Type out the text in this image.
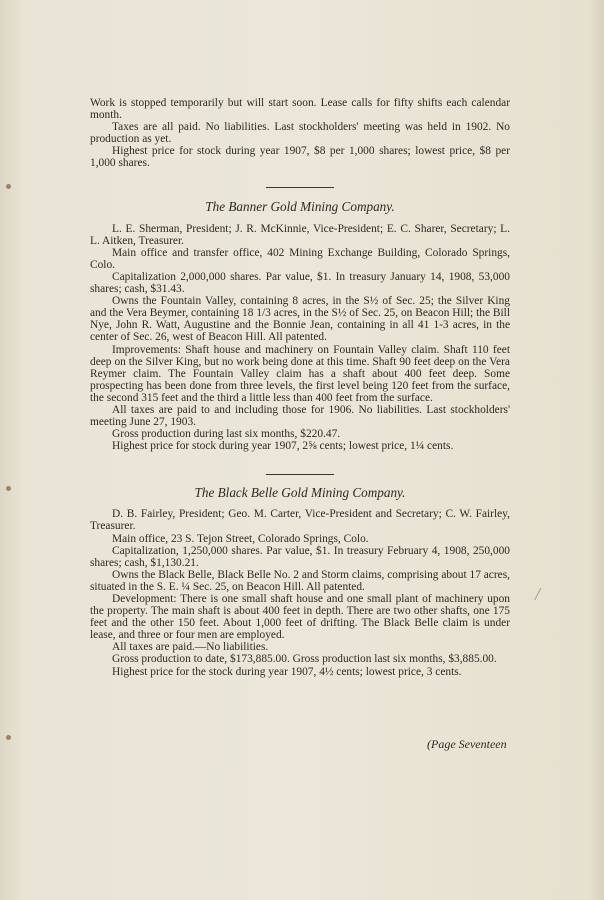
/

Work is stopped temporarily but will start soon. Lease calls for fifty shifts each calendar month.

Taxes are all paid. No liabilities. Last stockholders' meeting was held in 1902. No production as yet.

Highest price for stock during year 1907, $8 per 1,000 shares; lowest price, $8 per 1,000 shares.

The Banner Gold Mining Company.

L. E. Sherman, President; J. R. McKinnie, Vice-President; E. C. Sharer, Secretary; L. L. Aitken, Treasurer.

Main office and transfer office, 402 Mining Exchange Building, Colorado Springs, Colo.

Capitalization 2,000,000 shares. Par value, $1. In treasury January 14, 1908, 53,000 shares; cash, $31.43.

Owns the Fountain Valley, containing 8 acres, in the S½ of Sec. 25; the Silver King and the Vera Beymer, containing 18 1/3 acres, in the S½ of Sec. 25, on Beacon Hill; the Bill Nye, John R. Watt, Augustine and the Bonnie Jean, containing in all 41 1-3 acres, in the center of Sec. 26, west of Beacon Hill. All patented.

Improvements: Shaft house and machinery on Fountain Valley claim. Shaft 110 feet deep on the Silver King, but no work being done at this time. Shaft 90 feet deep on the Vera Reymer claim. The Fountain Valley claim has a shaft about 400 feet deep. Some prospecting has been done from three levels, the first level being 120 feet from the surface, the second 315 feet and the third a little less than 400 feet from the surface.

All taxes are paid to and including those for 1906. No liabilities. Last stockholders' meeting June 27, 1903.

Gross production during last six months, $220.47.

Highest price for stock during year 1907, 2⅝ cents; lowest price, 1¼ cents.

The Black Belle Gold Mining Company.

D. B. Fairley, President; Geo. M. Carter, Vice-President and Secretary; C. W. Fairley, Treasurer.

Main office, 23 S. Tejon Street, Colorado Springs, Colo.

Capitalization, 1,250,000 shares. Par value, $1. In treasury February 4, 1908, 250,000 shares; cash, $1,130.21.

Owns the Black Belle, Black Belle No. 2 and Storm claims, comprising about 17 acres, situated in the S. E. ¼ Sec. 25, on Beacon Hill. All patented.

Development: There is one small shaft house and one small plant of machinery upon the property. The main shaft is about 400 feet in depth. There are two other shafts, one 175 feet and the other 150 feet. About 1,000 feet of drifting. The Black Belle claim is under lease, and three or four men are employed.

All taxes are paid.—No liabilities.

Gross production to date, $173,885.00. Gross production last six months, $3,885.00.

Highest price for the stock during year 1907, 4½ cents; lowest price, 3 cents.

(Page Seventeen
